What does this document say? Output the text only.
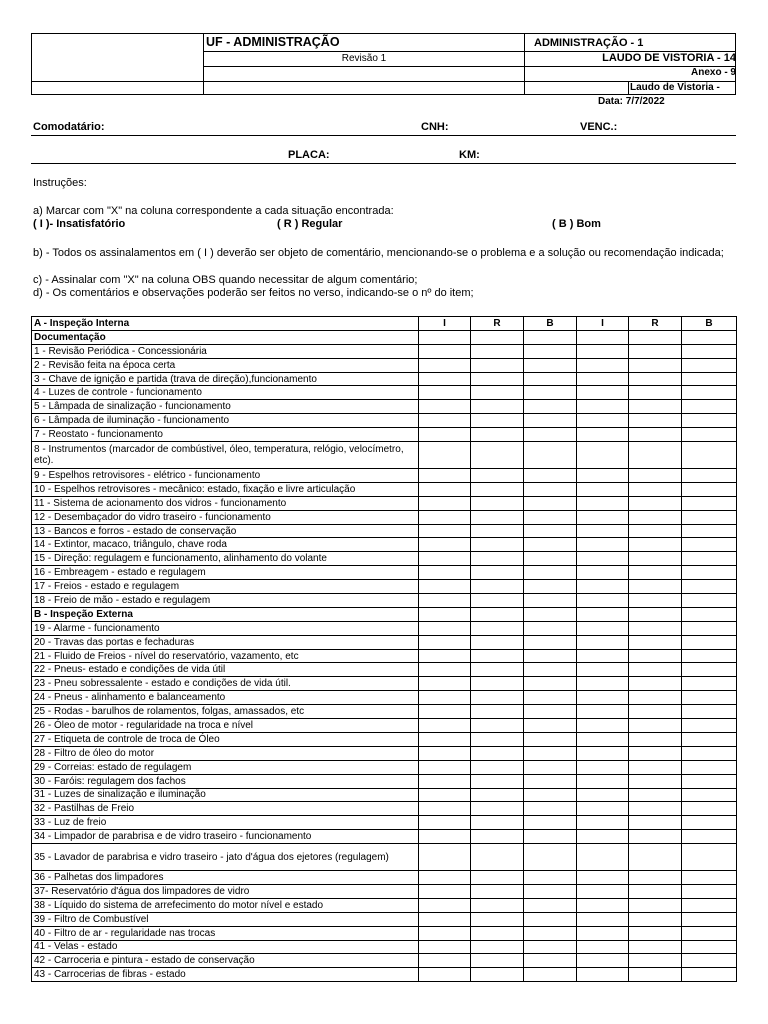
UF - ADMINISTRAÇÃO
Revisão 1
ADMINISTRAÇÃO - 1
LAUDO DE VISTORIA - 14
Anexo - 9
Laudo de Vistoria -
Data: 7/7/2022
Comodatário:	CNH:	VENC.:
PLACA:	KM:
Instruções:
a) Marcar com "X" na coluna correspondente a cada situação encontrada:
( I )- Insatisfatório	( R ) Regular	( B ) Bom
b) - Todos os assinalamentos em ( I ) deverão ser objeto de comentário, mencionando-se o problema e a solução ou recomendação indicada;
c) - Assinalar com "X" na coluna OBS quando necessitar de algum comentário;
d) - Os comentários e observações poderão ser feitos no verso, indicando-se o nº do item;
A - Inspeção Interna	I	R	B	I	R	B
Documentação						
1 - Revisão Periódica - Concessionária						
2 - Revisão feita na época certa						
3 - Chave de ignição e partida (trava de direção),funcionamento						
4 - Luzes de controle - funcionamento						
5 - Lâmpada de sinalização - funcionamento						
6 - Lâmpada de iluminação - funcionamento						
7 - Reostato - funcionamento						
8 - Instrumentos (marcador de combústivel, óleo, temperatura, relógio, velocímetro, etc).						
9 - Espelhos retrovisores - elétrico - funcionamento						
10 - Espelhos retrovisores - mecânico: estado, fixação e livre articulação						
11 - Sistema de acionamento dos vidros - funcionamento						
12 - Desembaçador do vidro traseiro - funcionamento						
13 - Bancos e forros - estado de conservação						
14 - Extintor, macaco, triângulo, chave roda						
15 - Direção: regulagem e funcionamento, alinhamento do volante						
16 - Embreagem - estado e regulagem						
17 - Freios - estado e regulagem						
18 - Freio de mão - estado e regulagem						
B - Inspeção Externa						
19 - Alarme - funcionamento						
20 - Travas das portas e fechaduras						
21 - Fluido de Freios - nível do reservatório, vazamento, etc						
22 - Pneus- estado e condições de vida útil						
23 - Pneu sobressalente - estado e condições de vida útil.						
24 - Pneus - alinhamento e balanceamento						
25 - Rodas - barulhos de rolamentos, folgas, amassados, etc						
26 - Óleo de motor - regularidade na troca e nível						
27 - Etiqueta de controle de troca de Óleo						
28 - Filtro de óleo do motor						
29 - Correias: estado de regulagem						
30 - Faróis: regulagem dos fachos						
31 - Luzes de sinalização e iluminação						
32 - Pastilhas de Freio						
33 - Luz de freio						
34 - Limpador de parabrisa e de vidro traseiro - funcionamento						
35 - Lavador de parabrisa e vidro traseiro - jato d'água dos ejetores (regulagem)						
36 - Palhetas dos limpadores						
37- Reservatório d'água dos limpadores de vidro						
38 - Líquido do sistema de arrefecimento do motor nível e estado						
39 - Filtro de Combustível						
40 - Filtro de ar - regularidade nas trocas						
41 - Velas - estado						
42 - Carroceria e pintura - estado de conservação						
43 - Carrocerias de fibras - estado						
